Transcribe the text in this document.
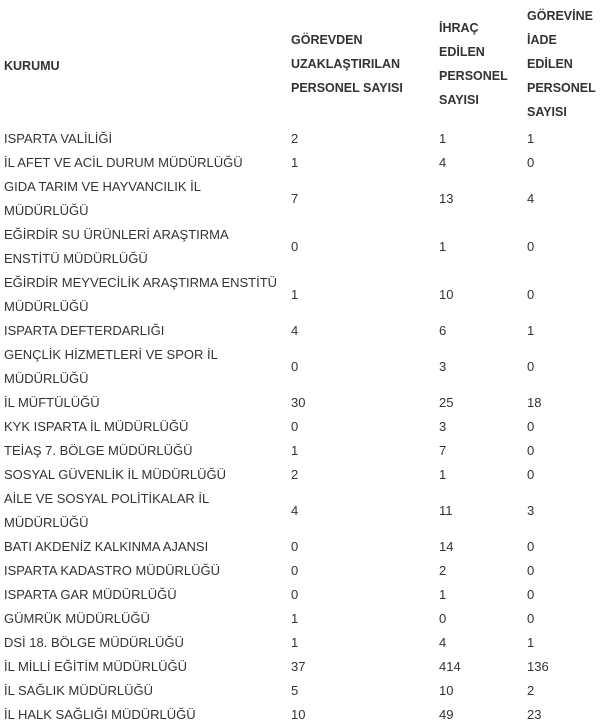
KURUMU	GÖREVDEN UZAKLAŞTIRILAN PERSONEL SAYISI	İHRAÇ EDİLEN PERSONEL SAYISI	GÖREVİNE İADE EDİLEN PERSONEL SAYISI
ISPARTA VALİLİĞİ	2	1	1
İL AFET VE ACİL DURUM MÜDÜRLÜĞÜ	1	4	0
GIDA TARIM VE HAYVANCILIK İL MÜDÜRLÜĞÜ	7	13	4
EĞİRDİR SU ÜRÜNLERİ ARAŞTIRMA ENSTİTÜ MÜDÜRLÜĞÜ	0	1	0
EĞİRDİR MEYVECİLİK ARAŞTIRMA ENSTİTÜ MÜDÜRLÜĞÜ	1	10	0
ISPARTA DEFTERDARLIĞI	4	6	1
GENÇLİK HİZMETLERİ VE SPOR İL MÜDÜRLÜĞÜ	0	3	0
İL MÜFTÜLÜĞÜ	30	25	18
KYK ISPARTA İL MÜDÜRLÜĞÜ	0	3	0
TEİAŞ 7. BÖLGE MÜDÜRLÜĞÜ	1	7	0
SOSYAL GÜVENLİK İL MÜDÜRLÜĞÜ	2	1	0
AİLE VE SOSYAL POLİTİKALAR İL MÜDÜRLÜĞÜ	4	11	3
BATI AKDENİZ KALKINMA AJANSI	0	14	0
ISPARTA KADASTRO MÜDÜRLÜĞÜ	0	2	0
ISPARTA GAR MÜDÜRLÜĞÜ	0	1	0
GÜMRÜK MÜDÜRLÜĞÜ	1	0	0
DSİ 18. BÖLGE MÜDÜRLÜĞÜ	1	4	1
İL MİLLİ EĞİTİM MÜDÜRLÜĞÜ	37	414	136
İL SAĞLIK MÜDÜRLÜĞÜ	5	10	2
İL HALK SAĞLIĞI MÜDÜRLÜĞÜ	10	49	23
